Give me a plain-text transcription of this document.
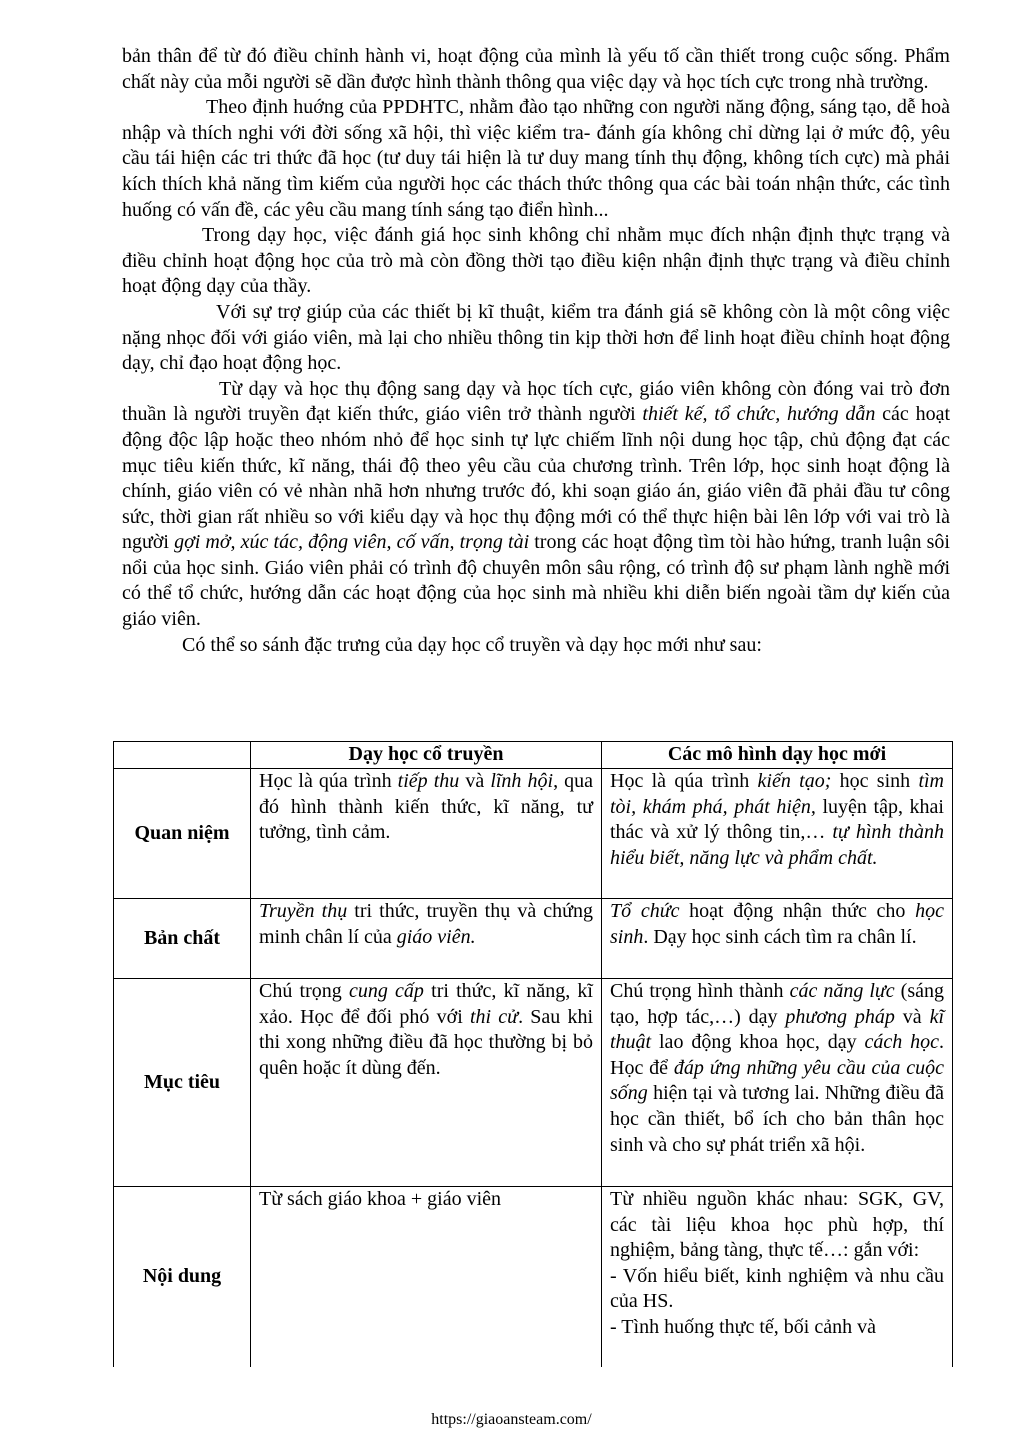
bản thân để từ đó điều chỉnh hành vi, hoạt động của mình là yếu tố cần thiết trong cuộc sống. Phẩm chất này của mỗi người sẽ dần được hình thành thông qua việc dạy và học tích cực trong nhà trường.

Theo định huớng của PPDHTC, nhằm đào tạo những con người năng động, sáng tạo, dễ hoà nhập và thích nghi với đời sống xã hội, thì việc kiểm tra- đánh gía không chỉ dừng lại ở mức độ, yêu cầu tái hiện các tri thức đã học (tư duy tái hiện là tư duy mang tính thụ động, không tích cực) mà phải kích thích khả năng tìm kiếm của người học các thách thức thông qua các bài toán nhận thức, các tình huống có vấn đề, các yêu cầu mang tính sáng tạo điển hình...

Trong dạy học, việc đánh giá học sinh không chỉ nhằm mục đích nhận định thực trạng và điều chỉnh hoạt động học của trò mà còn đồng thời tạo điều kiện nhận định thực trạng và điều chỉnh hoạt động dạy của thầy.

Với sự trợ giúp của các thiết bị kĩ thuật, kiểm tra đánh giá sẽ không còn là một công việc nặng nhọc đối với giáo viên, mà lại cho nhiều thông tin kịp thời hơn để linh hoạt điều chỉnh hoạt động dạy, chỉ đạo hoạt động học.

Từ dạy và học thụ động sang dạy và học tích cực, giáo viên không còn đóng vai trò đơn thuần là người truyền đạt kiến thức, giáo viên trở thành người thiết kế, tổ chức, hướng dẫn các hoạt động độc lập hoặc theo nhóm nhỏ để học sinh tự lực chiếm lĩnh nội dung học tập, chủ động đạt các mục tiêu kiến thức, kĩ năng, thái độ theo yêu cầu của chương trình. Trên lớp, học sinh hoạt động là chính, giáo viên có vẻ nhàn nhã hơn nhưng trước đó, khi soạn giáo án, giáo viên đã phải đầu tư công sức, thời gian rất nhiều so với kiểu dạy và học thụ động mới có thể thực hiện bài lên lớp với vai trò là người gợi mở, xúc tác, động viên, cố vấn, trọng tài trong các hoạt động tìm tòi hào hứng, tranh luận sôi nổi của học sinh. Giáo viên phải có trình độ chuyên môn sâu rộng, có trình độ sư phạm lành nghề mới có thể tổ chức, hướng dẫn các hoạt động của học sinh mà nhiều khi diễn biến ngoài tầm dự kiến của giáo viên.

Có thể so sánh đặc trưng của dạy học cổ truyền và dạy học mới như sau:

	Dạy học cổ truyền	Các mô hình dạy học mới
Quan niệm	Học là qúa trình tiếp thu và lĩnh hội, qua đó hình thành kiến thức, kĩ năng, tư tưởng, tình cảm.	Học là qúa trình kiến tạo; học sinh tìm tòi, khám phá, phát hiện, luyện tập, khai thác và xử lý thông tin,… tự hình thành hiểu biết, năng lực và phẩm chất.
Bản chất	Truyền thụ tri thức, truyền thụ và chứng minh chân lí của giáo viên.	Tổ chức hoạt động nhận thức cho học sinh. Dạy học sinh cách tìm ra chân lí.
Mục tiêu	Chú trọng cung cấp tri thức, kĩ năng, kĩ xảo. Học để đối phó với thi cử. Sau khi thi xong những điều đã học thường bị bỏ quên hoặc ít dùng đến.	Chú trọng hình thành các năng lực (sáng tạo, hợp tác,…) dạy phương pháp và kĩ thuật lao động khoa học, dạy cách học. Học để đáp ứng những yêu cầu của cuộc sống hiện tại và tương lai. Những điều đã học cần thiết, bổ ích cho bản thân học sinh và cho sự phát triển xã hội.
Nội dung	Từ sách giáo khoa + giáo viên	Từ nhiều nguồn khác nhau: SGK, GV, các tài liệu khoa học phù hợp, thí nghiệm, bảng tàng, thực tế…: gắn với:
- Vốn hiểu biết, kinh nghiệm và nhu cầu của HS.
- Tình huống thực tế, bối cảnh và
https://giaoansteam.com/
